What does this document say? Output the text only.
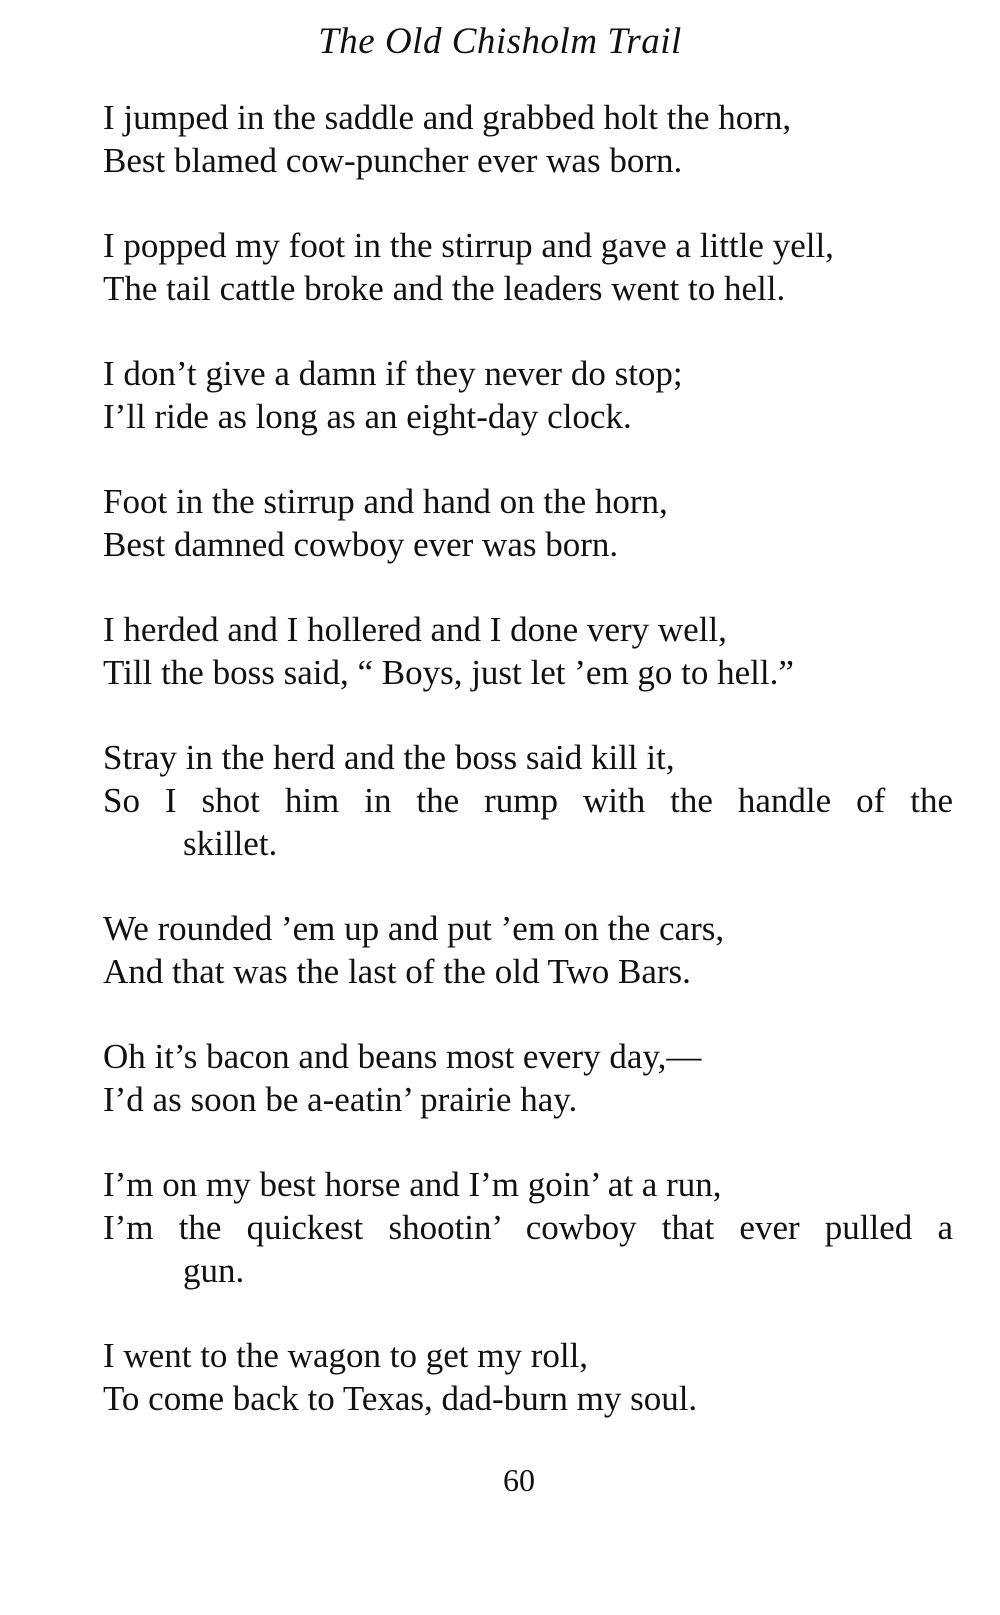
The Old Chisholm Trail
I jumped in the saddle and grabbed holt the horn,
Best blamed cow-puncher ever was born.
I popped my foot in the stirrup and gave a little yell,
The tail cattle broke and the leaders went to hell.
I don’t give a damn if they never do stop;
I’ll ride as long as an eight-day clock.
Foot in the stirrup and hand on the horn,
Best damned cowboy ever was born.
I herded and I hollered and I done very well,
Till the boss said, “ Boys, just let ’em go to hell.”
Stray in the herd and the boss said kill it,
So I shot him in the rump with the handle of the
skillet.
We rounded ’em up and put ’em on the cars,
And that was the last of the old Two Bars.
Oh it’s bacon and beans most every day,—
I’d as soon be a-eatin’ prairie hay.
I’m on my best horse and I’m goin’ at a run,
I’m the quickest shootin’ cowboy that ever pulled a
gun.
I went to the wagon to get my roll,
To come back to Texas, dad-burn my soul.
60
